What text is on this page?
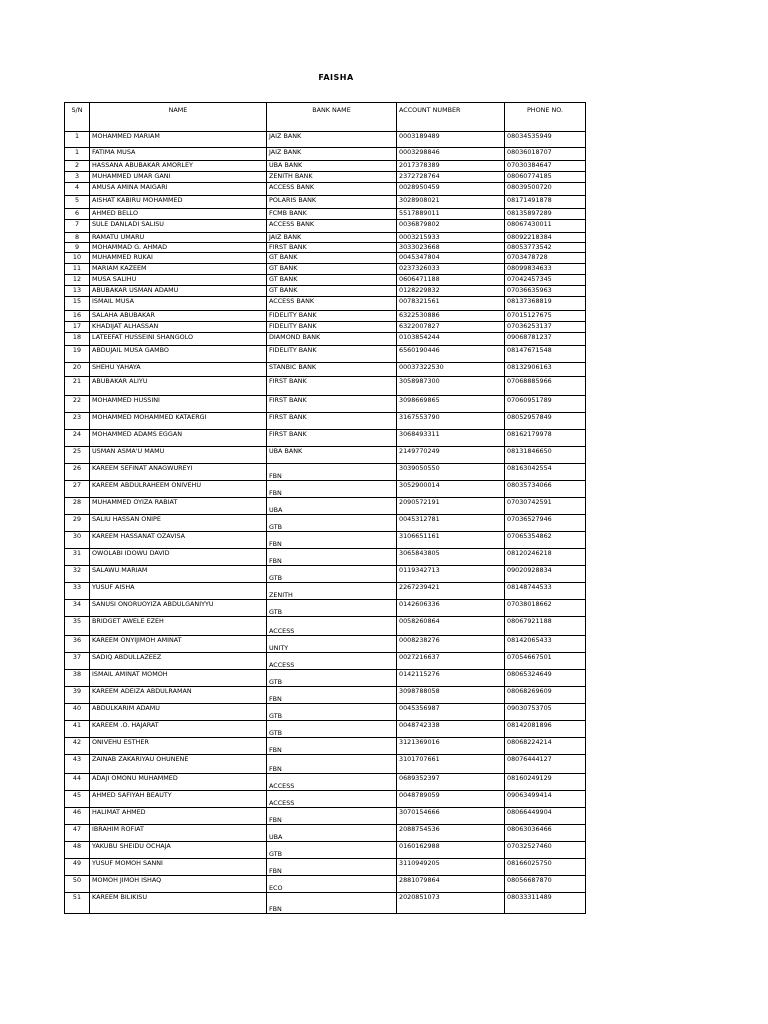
FAISHA
S/N	NAME	BANK NAME	ACCOUNT NUMBER	PHONE NO.
1	MOHAMMED MARIAM	JAIZ BANK	0003189489	08034535949
1	FATIMA MUSA	JAIZ BANK	0003298846	08036018707
2	HASSANA ABUBAKAR AMORLEY	UBA BANK	2017378389	07030384647
3	MUHAMMED UMAR GANI	ZENITH BANK	2372728764	08060774185
4	AMUSA AMINA MAIGARI	ACCESS BANK	0028950459	08039500720
5	AISHAT KABIRU MOHAMMED	POLARIS BANK	3028908021	08171491878
6	AHMED BELLO	FCMB BANK	5517889011	08135897289
7	SULE DANLADI SALISU	ACCESS BANK	0036879802	08067430011
8	RAMATU UMARU	JAIZ BANK	0003215933	08092218384
9	MOHAMMAD G. AHMAD	FIRST BANK	3033023668	08053773542
10	MUHAMMED RUKAI	GT BANK	0045347804	0703478728
11	MARIAM KAZEEM	GT BANK	0237326033	08099834633
12	MUSA SALIHU	GT BANK	0606471188	07042457345
13	ABUBAKAR USMAN ADAMU	GT BANK	0128229832	07036635963
15	ISMAIL MUSA	ACCESS BANK	0078321561	08137368819
16	SALAHA ABUBAKAR	FIDELITY BANK	6322530886	07015127675
17	KHADIJAT ALHASSAN	FIDELITY BANK	6322007827	07036253137
18	LATEEFAT HUSSEINI SHANGOLO	DIAMOND BANK	0103854244	09068781237
19	ABDUJAIL MUSA GAMBO	FIDELITY BANK	6560190446	08147671548
20	SHEHU YAHAYA	STANBIC BANK	00037322530	08132906163
21	ABUBAKAR ALIYU	FIRST BANK	3058987300	07068885966
22	MOHAMMED HUSSINI	FIRST BANK	3098669865	07060951789
23	MOHAMMED MOHAMMED KATAERGI	FIRST BANK	3167553790	08052957849
24	MOHAMMED ADAMS EGGAN	FIRST BANK	3068493311	08162179978
25	USMAN ASMA'U MAMU	UBA BANK	2149770249	08131846650
26	KAREEM SEFINAT ANAGWUREYI	FBN	3039050550	08163042554
27	KAREEM ABDULRAHEEM ONIVEHU	FBN	3052900014	08035734066
28	MUHAMMED OYIZA RABIAT	UBA	2090572191	07030742591
29	SALIU HASSAN ONIPE	GTB	0045312781	07036527946
30	KAREEM HASSANAT OZAVISA	FBN	3106651161	07065354862
31	OWOLABI IDOWU DAVID	FBN	3065843805	08120246218
32	SALAWU MARIAM	GTB	0119342713	09020928834
33	YUSUF AISHA	ZENITH	2267239421	08148744533
34	SANUSI ONORUOYIZA ABDULGANIYYU	GTB	0142606336	07038018662
35	BRIDGET AWELE EZEH	ACCESS	0058260864	08067921188
36	KAREEM ONYIJIMOH AMINAT	UNITY	0008238276	08142065433
37	SADIQ ABDULLAZEEZ	ACCESS	0027216637	07054667501
38	ISMAIL AMINAT MOMOH	GTB	0142115276	08065324649
39	KAREEM ADEIZA ABDULRAMAN	FBN	3098788058	08068269609
40	ABDULKARIM ADAMU	GTB	0045356987	09030753705
41	KAREEM .O. HAJARAT	GTB	0048742338	08142081896
42	ONIVEHU ESTHER	FBN	3121369016	08068224214
43	ZAINAB ZAKARIYAU OHUNENE	FBN	3101707661	08076444127
44	ADAJI OMONU MUHAMMED	ACCESS	0689352397	08160249129
45	AHMED SAFIYAH BEAUTY	ACCESS	0048789059	09063499414
46	HALIMAT AHMED	FBN	3070154666	08066449904
47	IBRAHIM ROFIAT	UBA	2088754536	08063036466
48	YAKUBU SHEIDU OCHAJA	GTB	0160162988	07032527460
49	YUSUF MOMOH SANNI	FBN	3110949205	08166025750
50	MOMOH JIMOH ISHAQ	ECO	2881079864	08056687870
51	KAREEM BILIKISU	FBN	2020851073	08033311489
